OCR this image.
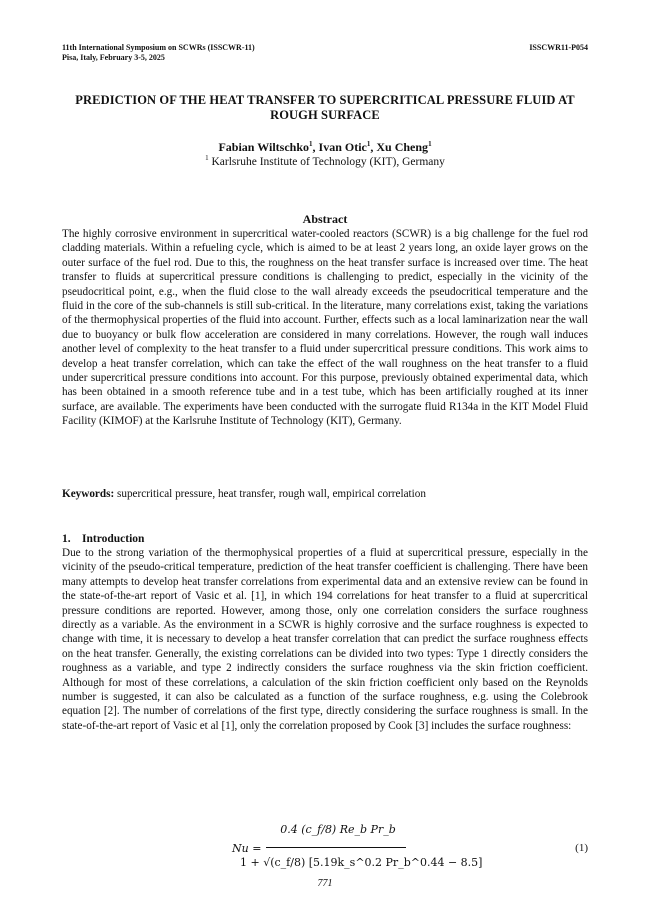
11th International Symposium on SCWRs (ISSCWR-11)
Pisa, Italy, February 3-5, 2025
ISSCWR11-P054
PREDICTION OF THE HEAT TRANSFER TO SUPERCRITICAL PRESSURE FLUID AT
ROUGH SURFACE
Fabian Wiltschko$^1$, Ivan Otic$^1$, Xu Cheng$^1$
$^1$ Karlsruhe Institute of Technology (KIT), Germany
Abstract

The highly corrosive environment in supercritical water-cooled reactors (SCWR) is a big challenge for the fuel rod cladding materials. Within a refueling cycle, which is aimed to be at least 2 years long, an oxide layer grows on the outer surface of the fuel rod. Due to this, the roughness on the heat transfer surface is increased over time. The heat transfer to fluids at supercritical pressure conditions is challenging to predict, especially in the vicinity of the pseudocritical point, e.g., when the fluid close to the wall already exceeds the pseudocritical temperature and the fluid in the core of the sub-channels is still sub-critical. In the literature, many correlations exist, taking the variations of the thermophysical properties of the fluid into account. Further, effects such as a local laminarization near the wall due to buoyancy or bulk flow acceleration are considered in many correlations. However, the rough wall induces another level of complexity to the heat transfer to a fluid under supercritical pressure conditions. This work aims to develop a heat transfer correlation, which can take the effect of the wall roughness on the heat transfer to a fluid under supercritical pressure conditions into account. For this purpose, previously obtained experimental data, which has been obtained in a smooth reference tube and in a test tube, which has been artificially roughed at its inner surface, are available. The experiments have been conducted with the surrogate fluid R134a in the KIT Model Fluid Facility (KIMOF) at the Karlsruhe Institute of Technology (KIT), Germany.

Keywords: supercritical pressure, heat transfer, rough wall, empirical correlation
1. Introduction

Due to the strong variation of the thermophysical properties of a fluid at supercritical pressure, especially in the vicinity of the pseudo-critical temperature, prediction of the heat transfer coefficient is challenging. There have been many attempts to develop heat transfer correlations from experimental data and an extensive review can be found in the state-of-the-art report of Vasic et al. [1], in which 194 correlations for heat transfer to a fluid at supercritical pressure conditions are reported. However, among those, only one correlation considers the surface roughness directly as a variable. As the environment in a SCWR is highly corrosive and the surface roughness is expected to change with time, it is necessary to develop a heat transfer correlation that can predict the surface roughness effects on the heat transfer. Generally, the existing correlations can be divided into two types: Type 1 directly considers the roughness as a variable, and type 2 indirectly considers the surface roughness via the skin friction coefficient. Although for most of these correlations, a calculation of the skin friction coefficient only based on the Reynolds number is suggested, it can also be calculated as a function of the surface roughness, e.g. using the Colebrook equation [2]. The number of correlations of the first type, directly considering the surface roughness is small. In the state-of-the-art report of Vasic et al [1], only the correlation proposed by Cook [3] includes the surface roughness:

Nu =
0.4 (c_f/8) Re_b Pr_b
1 + √(c_f/8) [5.19k_s^0.2 Pr_b^0.44 − 8.5]
(1)
771
